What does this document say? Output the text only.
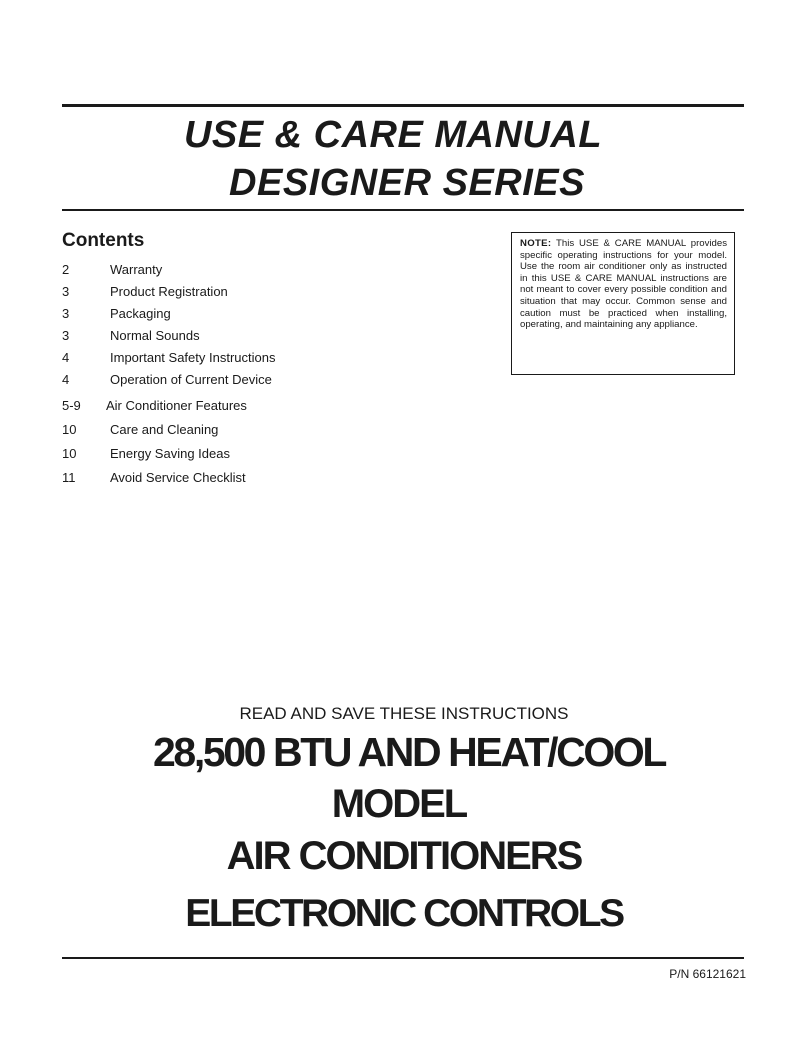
USE & CARE MANUAL
DESIGNER SERIES
Contents
2	Warranty
3	Product Registration
3	Packaging
3	Normal Sounds
4	Important Safety Instructions
4	Operation of Current Device
5-9	Air Conditioner Features
10	Care and Cleaning
10	Energy Saving Ideas
11	Avoid Service Checklist
NOTE: This USE & CARE MANUAL provides specific operating instructions for your model. Use the room air conditioner only as instructed in this USE & CARE MANUAL instructions are not meant to cover every possible condition and situation that may occur. Common sense and caution must be practiced when installing, operating, and maintaining any appliance.
READ AND SAVE THESE INSTRUCTIONS
28,500 BTU AND HEAT/COOL
MODEL
AIR CONDITIONERS
ELECTRONIC CONTROLS
P/N 66121621
